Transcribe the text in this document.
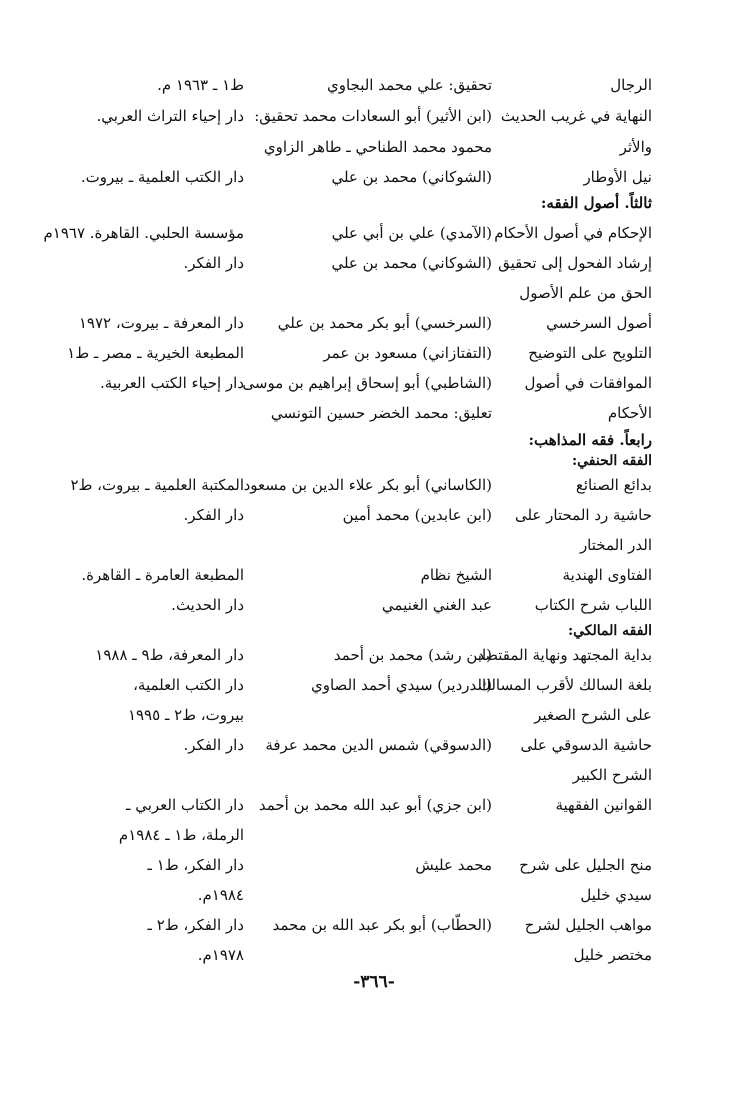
الرجال
تحقيق: علي محمد البجاوي
ط١ ـ ١٩٦٣ م.
النهاية في غريب الحديث
(ابن الأثير) أبو السعادات محمد تحقيق:
دار إحياء التراث العربي.
والأثر
محمود محمد الطناحي ـ طاهر الزاوي
نيل الأوطار
(الشوكاني) محمد بن علي
دار الكتب العلمية ـ بيروت.
ثالثاً. أصول الفقه:
الإحكام في أصول الأحكام
(الآمدي) علي بن أبي علي
مؤسسة الحلبي. القاهرة. ١٩٦٧م
إرشاد الفحول إلى تحقيق
(الشوكاني) محمد بن علي
دار الفكر.
الحق من علم الأصول
أصول السرخسي
(السرخسي) أبو بكر محمد بن علي
دار المعرفة ـ بيروت، ١٩٧٢
التلويح على التوضيح
(التفتازاني) مسعود بن عمر
المطبعة الخيرية ـ مصر ـ ط١
الموافقات في أصول
(الشاطبي) أبو إسحاق إبراهيم بن موسى
دار إحياء الكتب العربية.
الأحكام
تعليق: محمد الخضر حسين التونسي
رابعاً. فقه المذاهب:
الفقه الحنفي:
بدائع الصنائع
(الكاساني) أبو بكر علاء الدين بن مسعود
المكتبة العلمية ـ بيروت، ط٢
حاشية رد المحتار على
(ابن عابدين) محمد أمين
دار الفكر.
الدر المختار
الفتاوى الهندية
الشيخ نظام
المطبعة العامرة ـ القاهرة.
اللباب شرح الكتاب
عبد الغني الغنيمي
دار الحديث.
الفقه المالكي:
بداية المجتهد ونهاية المقتصد
(ابن رشد) محمد بن أحمد
دار المعرفة، ط٩ ـ ١٩٨٨
بلغة السالك لأقرب المسالك
(الدردير) سيدي أحمد الصاوي
دار الكتب العلمية،
على الشرح الصغير
بيروت، ط٢ ـ ١٩٩٥
حاشية الدسوقي على
(الدسوقي) شمس الدين محمد عرفة
دار الفكر.
الشرح الكبير
القوانين الفقهية
(ابن جزي) أبو عبد الله محمد بن أحمد
دار الكتاب العربي ـ
الرملة، ط١ ـ ١٩٨٤م
منح الجليل على شرح
محمد عليش
دار الفكر، ط١ ـ
سيدي خليل
١٩٨٤م.
مواهب الجليل لشرح
(الحطّاب) أبو بكر عبد الله بن محمد
دار الفكر، ط٢ ـ
مختصر خليل
١٩٧٨م.
-٣٦٦-
